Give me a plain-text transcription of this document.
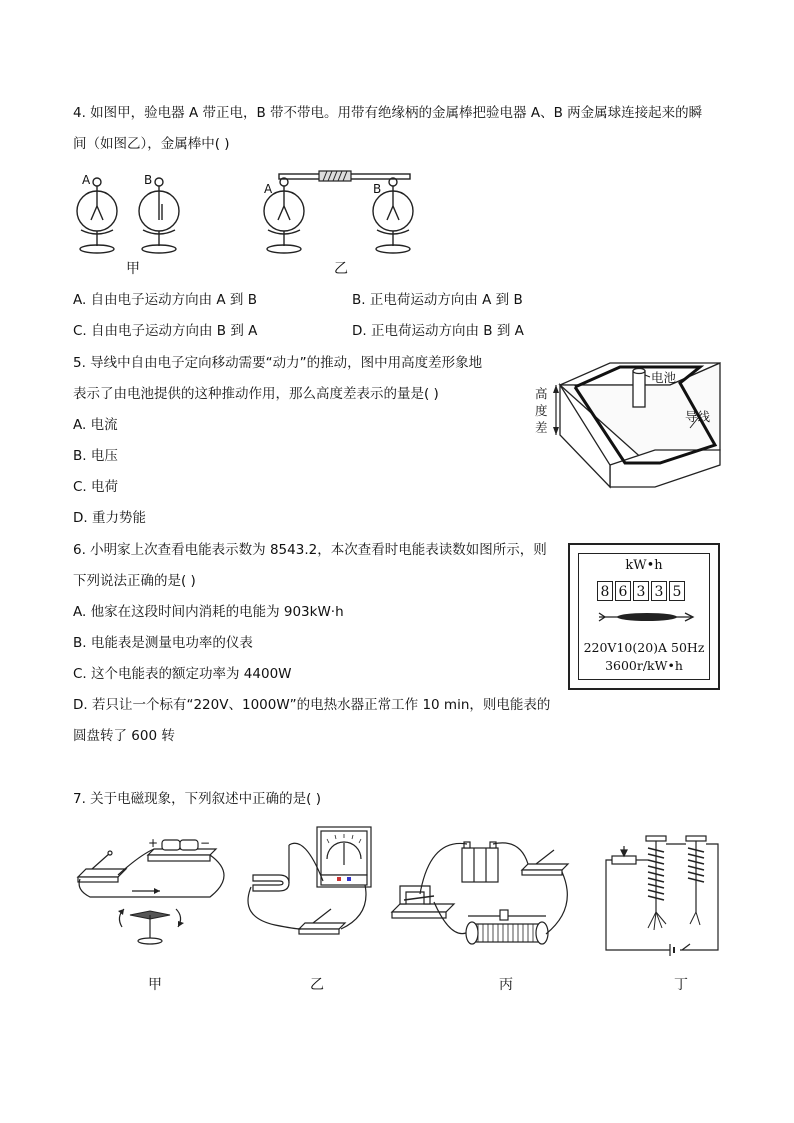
4. 如图甲，验电器 A 带正电，B 带不带电。用带有绝缘柄的金属棒把验电器 A、B 两金属球连接起来的瞬
间（如图乙），金属棒中( )
A	B
A	B
甲	乙
A. 自由电子运动方向由 A 到 B	B. 正电荷运动方向由 A 到 B
C. 自由电子运动方向由 B 到 A	D. 正电荷运动方向由 B 到 A
5. 导线中自由电子定向移动需要“动力”的推动，图中用高度差形象地
表示了由电池提供的这种推动作用，那么高度差表示的量是( )
A. 电流
B. 电压
C. 电荷
D. 重力势能
电池
导线
高
度
差
6. 小明家上次查看电能表示数为 8543.2，本次查看时电能表读数如图所示，则
下列说法正确的是( )
A. 他家在这段时间内消耗的电能为 903kW·h
B. 电能表是测量电功率的仪表
C. 这个电能表的额定功率为 4400W
D. 若只让一个标有“220V、1000W”的电热水器正常工作 10 min，则电能表的
圆盘转了 600 转
kW•h
8 6 3 3 5
220V10(20)A 50Hz
3600r/kW•h
7. 关于电磁现象，下列叙述中正确的是( )
+	−
甲	乙	丙	丁
